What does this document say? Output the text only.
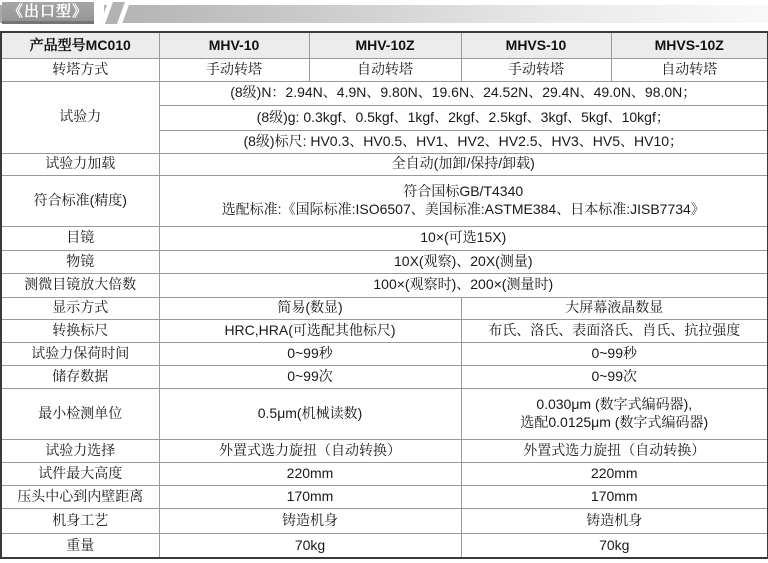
《出口型》
产品型号MC010	MHV-10	MHV-10Z	MHVS-10	MHVS-10Z
转塔方式	手动转塔	自动转塔	手动转塔	自动转塔
试验力	(8级)N：2.94N、4.9N、9.80N、19.6N、24.52N、29.4N、49.0N、98.0N；			
	(8级)g: 0.3kgf、0.5kgf、1kgf、2kgf、2.5kgf、3kgf、5kgf、10kgf；			
	(8级)标尺: HV0.3、HV0.5、HV1、HV2、HV2.5、HV3、HV5、HV10；			
试验力加载	全自动(加卸/保持/卸载)			
符合标准(精度)	符合国标GB/T4340
选配标准:《国际标准:ISO6507、美国标准:ASTME384、日本标准:JISB7734》			

目镜	10×(可选15X)			
物镜	10X(观察)、20X(测量)			
测微目镜放大倍数	100×(观察时)、200×(测量时)			
显示方式	简易(数显)		大屏幕液晶数显	
转换标尺	HRC,HRA(可选配其他标尺)		布氏、洛氏、表面洛氏、肖氏、抗拉强度	
试验力保荷时间	0~99秒		0~99秒	
储存数据	0~99次		0~99次	
最小检测单位	0.5μm(机械读数)		0.030μm (数字式编码器),
选配0.0125μm (数字式编码器)	

试验力选择	外置式选力旋扭（自动转换）		外置式选力旋扭（自动转换）	
试件最大高度	220mm		220mm	
压头中心到内壁距离	170mm		170mm	
机身工艺	铸造机身		铸造机身	
重量	70kg		70kg	
